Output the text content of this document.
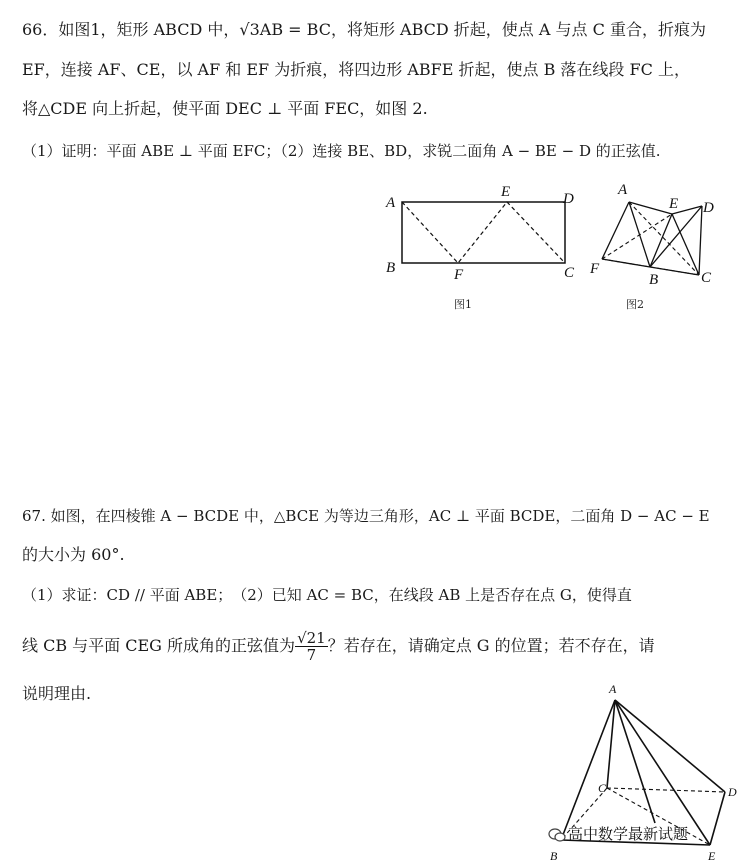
66．如图1，矩形 ABCD 中，√3AB = BC，将矩形 ABCD 折起，使点 A 与点 C 重合，折痕为
EF，连接 AF、CE，以 AF 和 EF 为折痕，将四边形 ABFE 折起，使点 B 落在线段 FC 上，
将△CDE 向上折起，使平面 DEC ⊥ 平面 FEC，如图 2.
（1）证明：平面 ABE ⊥ 平面 EFC；（2）连接 BE、BD，求锐二面角 A − BE − D 的正弦值.
A
B	C
D
E
F
图1
A
B	C
D
E
F
图2
67. 如图，在四棱锥 A − BCDE 中，△BCE 为等边三角形，AC ⊥ 平面 BCDE，二面角 D − AC − E
的大小为 60°.
（1）求证：CD // 平面 ABE；　（2）已知 AC = BC，在线段 AB 上是否存在点 G，使得直
线 CB 与平面 CEG 所成角的正弦值为 $\frac{√21}{7}$ ？若存在，请确定点 G 的位置；若不存在，请
说明理由.	A
B
C	D
E
高中数学最新试题
